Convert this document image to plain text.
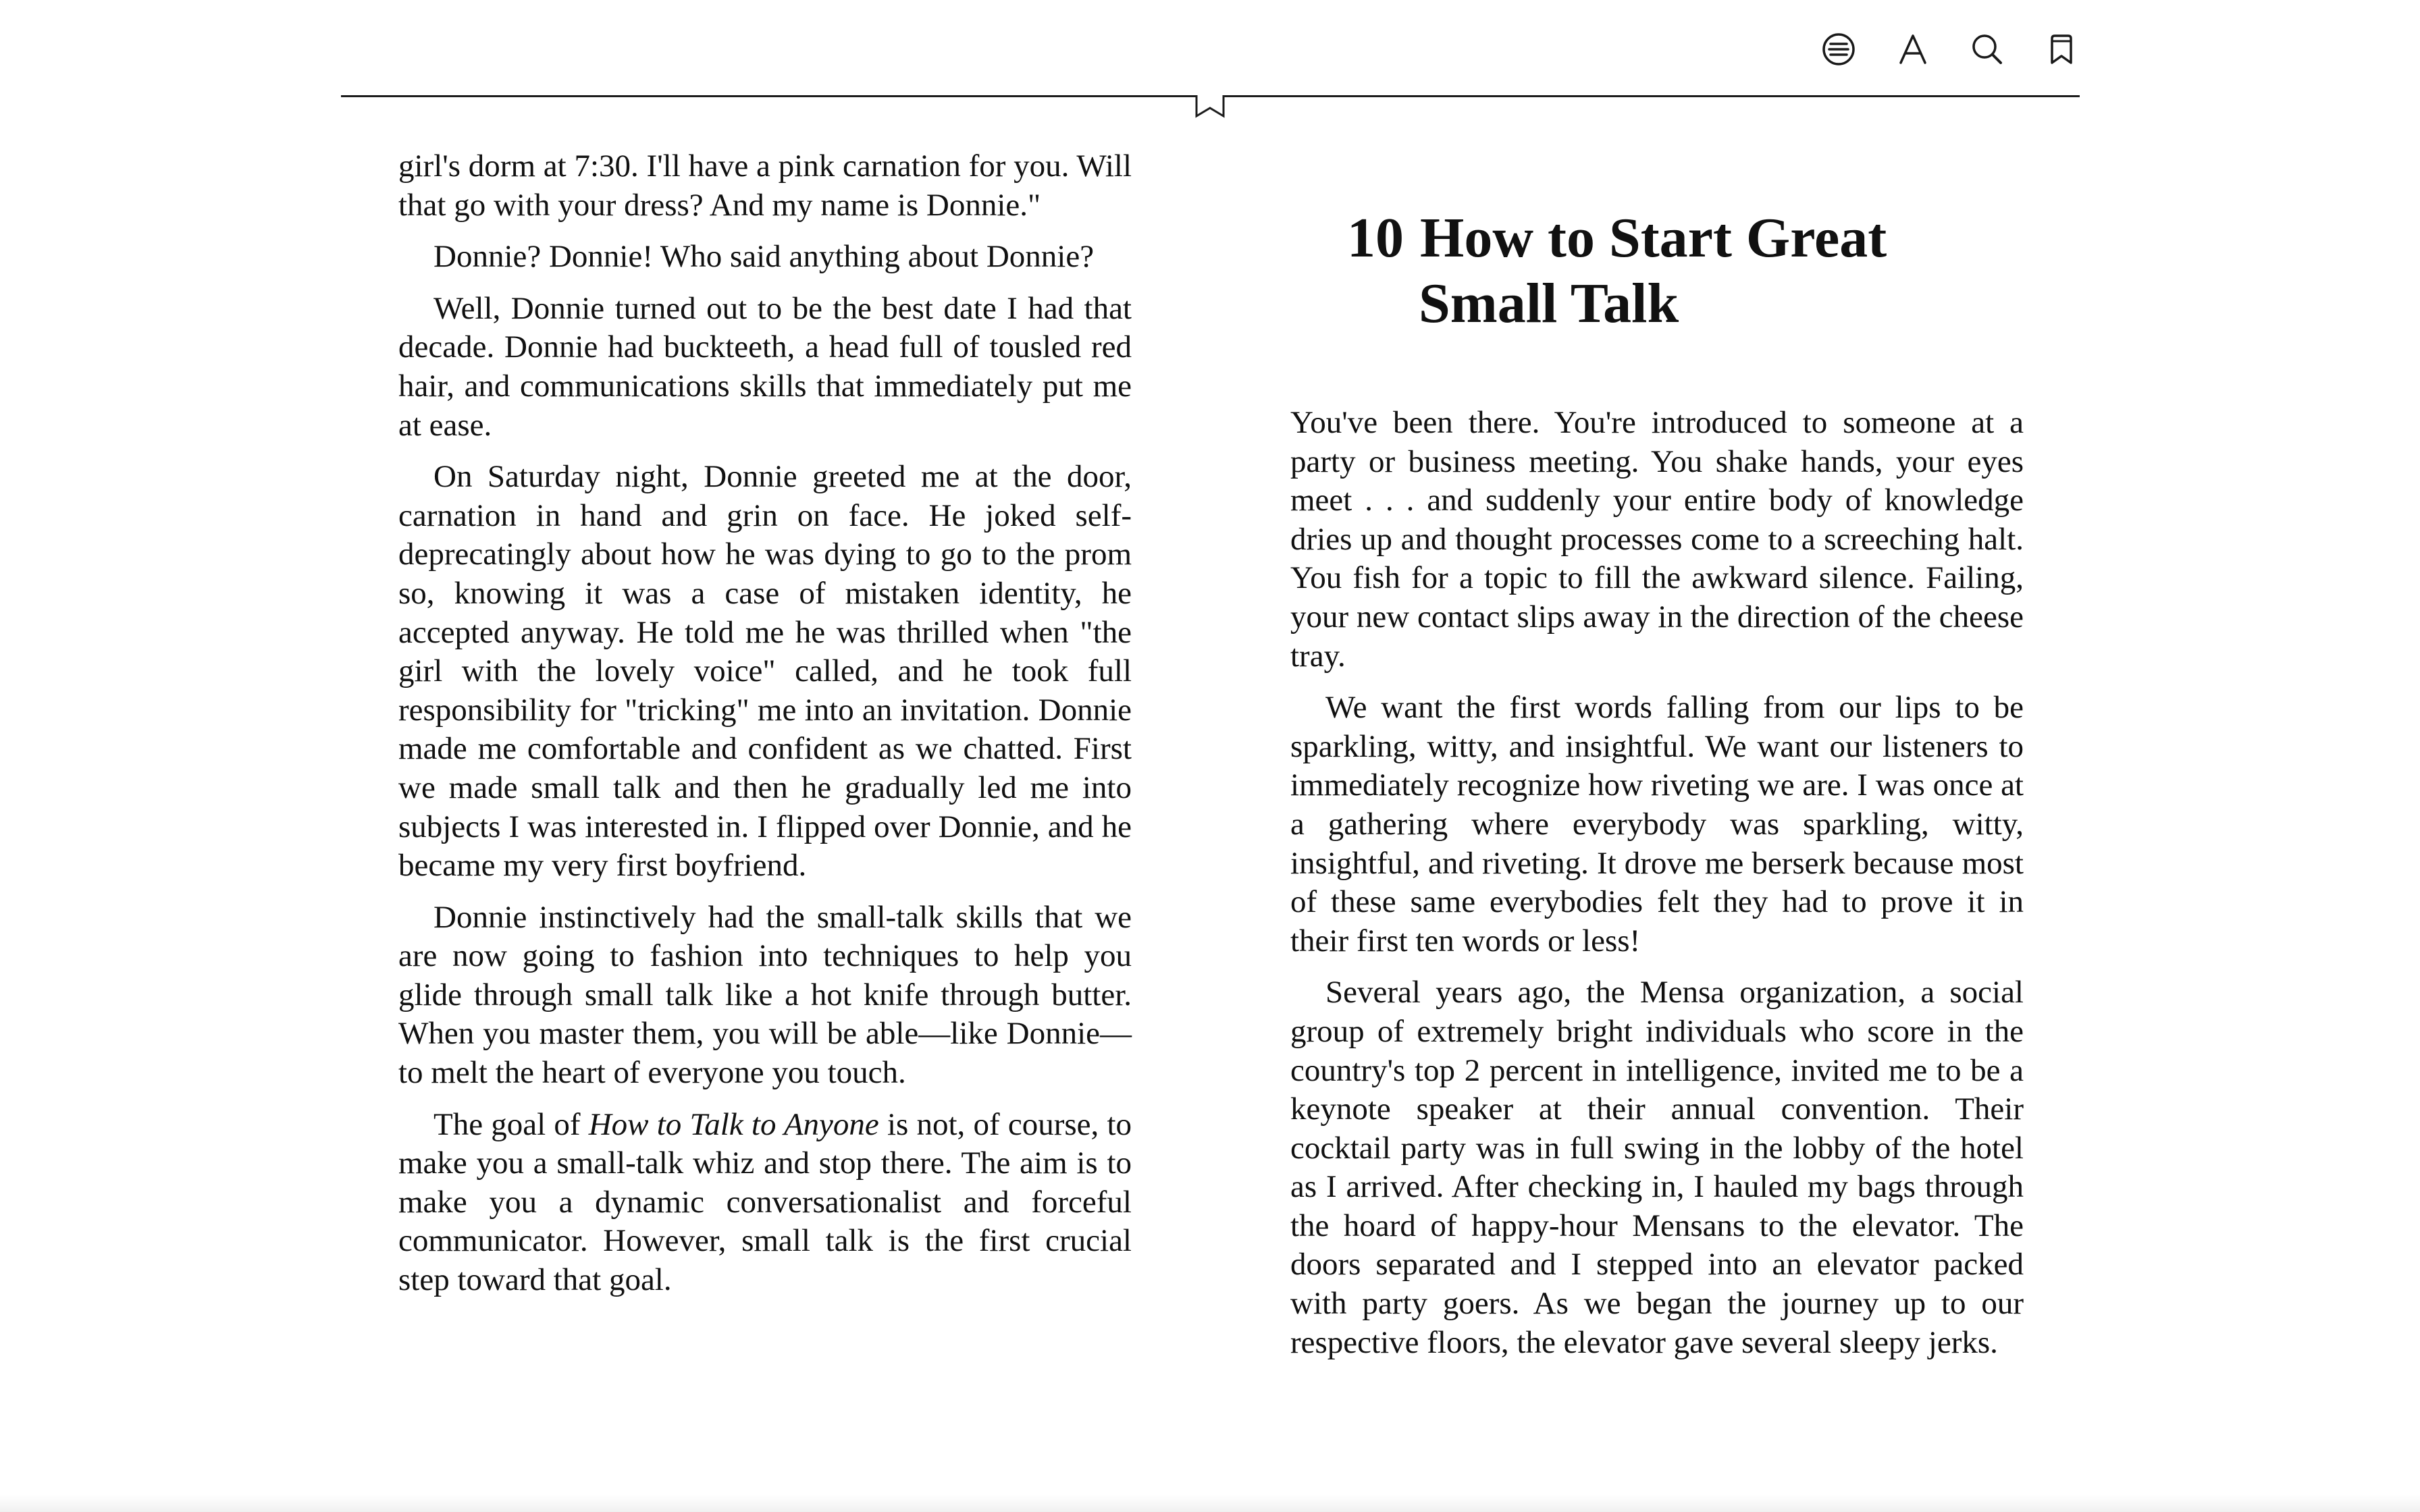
girl's dorm at 7:30. I'll have a pink carnation for you. Will that go with your dress? And my name is Donnie."

Donnie? Donnie! Who said anything about Donnie?

Well, Donnie turned out to be the best date I had that decade. Donnie had buckteeth, a head full of tousled red hair, and communications skills that immediately put me at ease.

On Saturday night, Donnie greeted me at the door, carnation in hand and grin on face. He joked self-deprecatingly about how he was dying to go to the prom so, knowing it was a case of mistaken identity, he accepted anyway. He told me he was thrilled when "the girl with the lovely voice" called, and he took full responsibility for "tricking" me into an invitation. Donnie made me comfortable and confident as we chatted. First we made small talk and then he gradually led me into subjects I was interested in. I flipped over Donnie, and he became my very first boyfriend.

Donnie instinctively had the small-talk skills that we are now going to fashion into techniques to help you glide through small talk like a hot knife through butter. When you master them, you will be able—like Donnie—to melt the heart of everyone you touch.

The goal of How to Talk to Anyone is not, of course, to make you a small-talk whiz and stop there. The aim is to make you a dynamic conversationalist and forceful communicator. However, small talk is the first crucial step toward that goal.

10 How to Start Great Small Talk

You've been there. You're introduced to someone at a party or business meeting. You shake hands, your eyes meet . . . and suddenly your entire body of knowledge dries up and thought processes come to a screeching halt. You fish for a topic to fill the awkward silence. Failing, your new contact slips away in the direction of the cheese tray.

We want the first words falling from our lips to be sparkling, witty, and insightful. We want our listeners to immediately recognize how riveting we are. I was once at a gathering where everybody was sparkling, witty, insightful, and riveting. It drove me berserk because most of these same everybodies felt they had to prove it in their first ten words or less!

Several years ago, the Mensa organization, a social group of extremely bright individuals who score in the country's top 2 percent in intelligence, invited me to be a keynote speaker at their annual convention. Their cocktail party was in full swing in the lobby of the hotel as I arrived. After checking in, I hauled my bags through the hoard of happy-hour Mensans to the elevator. The doors separated and I stepped into an elevator packed with party goers. As we began the journey up to our respective floors, the elevator gave several sleepy jerks.
